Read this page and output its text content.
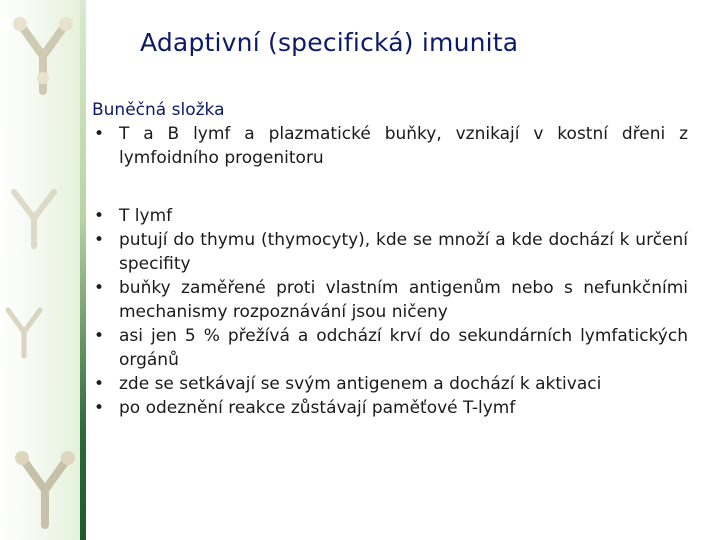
Adaptivní (specifická) imunita

Buněčná složka

• T a B lymf a plazmatické buňky, vznikají v kostní dřeni z lymfoidního progenitoru
• T lymf
• putují do thymu (thymocyty), kde se množí a kde dochází k určení specifity
• buňky zaměřené proti vlastním antigenům nebo s nefunkčními mechanismy rozpoznávání jsou ničeny
• asi jen 5 % přežívá a odchází krví do sekundárních lymfatických orgánů
• zde se setkávají se svým antigenem a dochází k aktivaci
• po odeznění reakce zůstávají paměťové T-lymf
